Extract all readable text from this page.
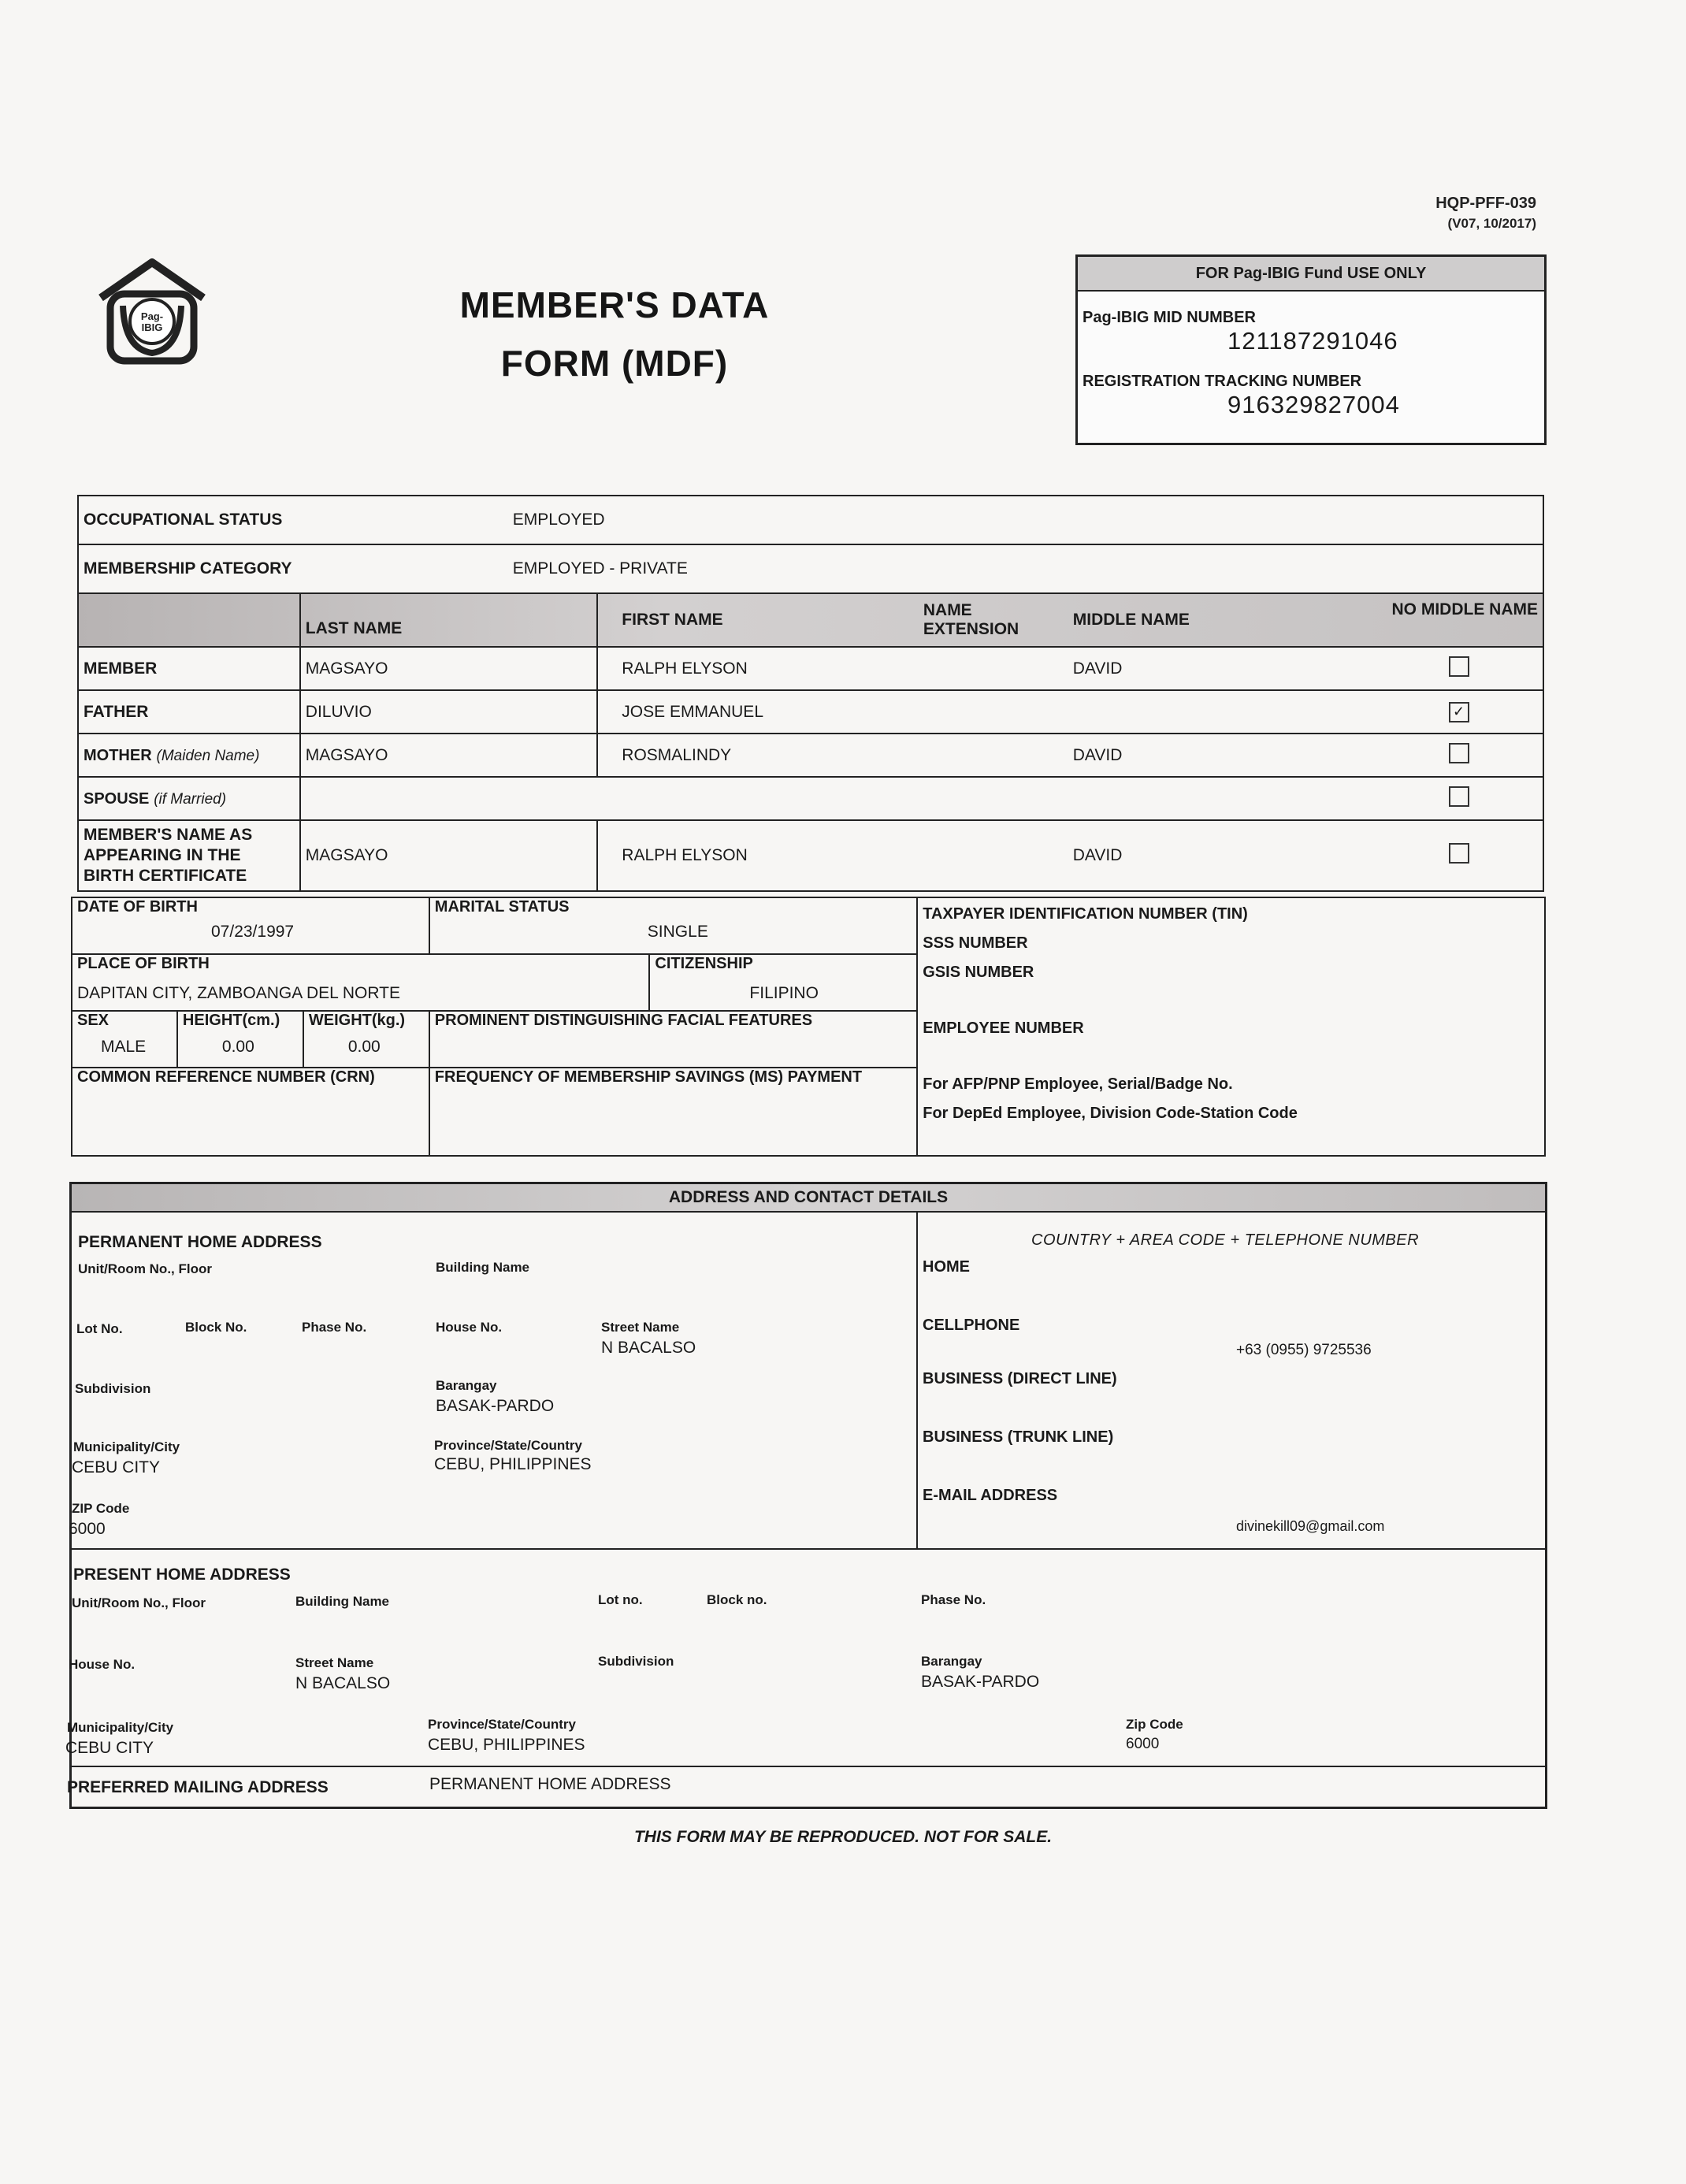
HQP-PFF-039
(V07, 10/2017)
Pag-
IBIG
MEMBER'S DATA
FORM (MDF)
FOR Pag-IBIG Fund USE ONLY
Pag-IBIG MID NUMBER
121187291046
REGISTRATION TRACKING NUMBER
916329827004
OCCUPATIONAL STATUS	EMPLOYED				
MEMBERSHIP CATEGORY	EMPLOYED - PRIVATE				
	LAST NAME	FIRST NAME	NAME EXTENSION	MIDDLE NAME	NO MIDDLE NAME
MEMBER	MAGSAYO	RALPH ELYSON		DAVID	
FATHER	DILUVIO	JOSE EMMANUEL			✓
MOTHER (Maiden Name)	MAGSAYO	ROSMALINDY		DAVID	
SPOUSE (if Married)					
MEMBER'S NAME AS APPEARING IN THE BIRTH CERTIFICATE	MAGSAYO	RALPH ELYSON		DAVID	
DATE OF BIRTH
07/23/1997

MARITAL STATUS
SINGLE

TAXPAYER IDENTIFICATION NUMBER (TIN)
SSS NUMBER
GSIS NUMBER
EMPLOYEE NUMBER
For AFP/PNP Employee, Serial/Badge No.
For DepEd Employee, Division Code-Station Code

PLACE OF BIRTH
DAPITAN CITY, ZAMBOANGA DEL NORTE

CITIZENSHIP
FILIPINO

SEX
MALE

HEIGHT(cm.)
0.00

WEIGHT(kg.)
0.00

PROMINENT DISTINGUISHING FACIAL FEATURES

COMMON REFERENCE NUMBER (CRN)			FREQUENCY OF MEMBERSHIP SAVINGS (MS) PAYMENT		
ADDRESS AND CONTACT DETAILS
PERMANENT HOME ADDRESS
Unit/Room No., Floor	Building Name
Lot No.	Block No.	Phase No.	House No.	Street Name
N BACALSO
Subdivision	Barangay
BASAK-PARDO
Municipality/City
CEBU CITY
Province/State/Country
CEBU, PHILIPPINES
ZIP Code
6000
COUNTRY + AREA CODE + TELEPHONE NUMBER
HOME
CELLPHONE
+63 (0955) 9725536
BUSINESS (DIRECT LINE)
BUSINESS (TRUNK LINE)
E-MAIL ADDRESS
divinekill09@gmail.com
PRESENT HOME ADDRESS
Unit/Room No., Floor	Building Name	Lot no.	Block no.	Phase No.
House No.	Street Name
N BACALSO
Subdivision	Barangay
BASAK-PARDO
Municipality/City
CEBU CITY
Province/State/Country
CEBU, PHILIPPINES
Zip Code
6000
PREFERRED MAILING ADDRESS	PERMANENT HOME ADDRESS
THIS FORM MAY BE REPRODUCED. NOT FOR SALE.
